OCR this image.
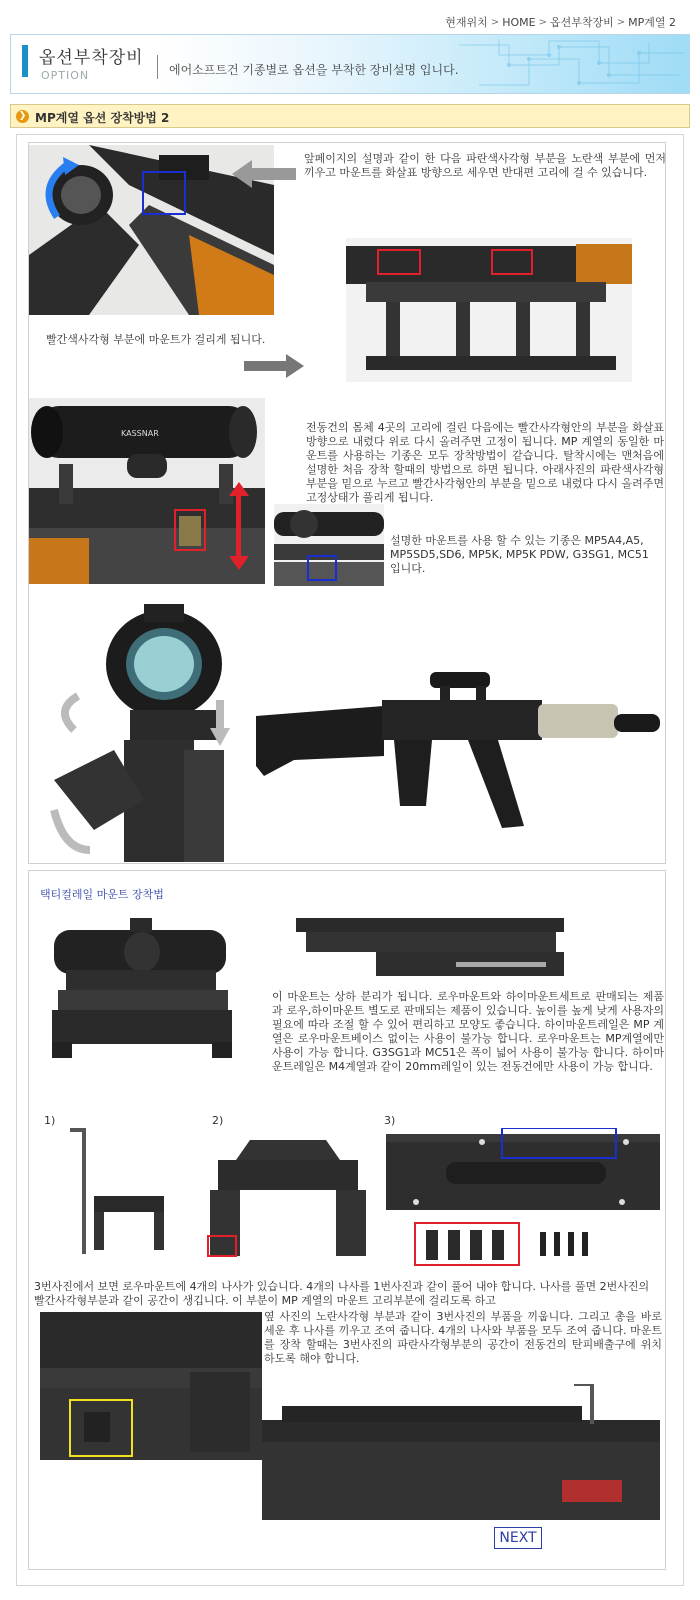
현재위치 > HOME > 옵션부착장비 > MP계열 2
옵션부착장비
OPTION	에어소프트건 기종별로 옵션을 부착한 장비설명 입니다.
❯ MP계열 옵션 장착방법 2
앞페이지의 설명과 같이 한 다음 파란색사각형 부분을 노란색 부분에 먼저 끼우고 마운트를 화살표 방향으로 세우면 반대편 고리에 걸 수 있습니다.
빨간색사각형 부분에 마운트가 걸리게 됩니다.
KASSNAR	전동건의 몸체 4곳의 고리에 걸린 다음에는 빨간사각형안의 부분을 화살표방향으로 내렸다 위로 다시 올려주면 고정이 됩니다. MP 계열의 동일한 마운트를 사용하는 기종은 모두 장착방법이 같습니다. 탈착시에는 맨처음에 설명한 처음 장착 할때의 방법으로 하면 됩니다. 아래사진의 파란색사각형 부분을 밑으로 누르고 빨간사각형안의 부분을 밑으로 내렸다 다시 올려주면 고정상태가 풀리게 됩니다.
설명한 마운트를 사용 할 수 있는 기종은 MP5A4,A5, MP5SD5,SD6, MP5K, MP5K PDW, G3SG1, MC51 입니다.
택티컬레일 마운트 장착법
이 마운트는 상하 분리가 됩니다. 로우마운트와 하이마운트세트로 판매되는 제품과 로우,하이마운트 별도로 판매되는 제품이 있습니다. 높이를 높게 낮게 사용자의 필요에 따라 조절 할 수 있어 편리하고 모양도 좋습니다. 하이마운트레일은 MP 계열은 로우마운트베이스 없이는 사용이 불가능 합니다. 로우마운트는 MP계열에만 사용이 가능 합니다. G3SG1과 MC51은 폭이 넓어 사용이 불가능 합니다. 하이마운트레일은 M4계열과 같이 20mm레일이 있는 전동건에만 사용이 가능 합니다.
1)	2)	3)
3번사진에서 보면 로우마운트에 4개의 나사가 있습니다. 4개의 나사를 1번사진과 같이 풀어 내야 합니다. 나사를 풀면 2번사진의 빨간사각형부분과 같이 공간이 생깁니다. 이 부분이 MP 계열의 마운트 고리부분에 걸리도록 하고
옆 사진의 노란사각형 부분과 같이 3번사진의 부품을 끼웁니다. 그리고 총을 바로 세운 후 나사를 끼우고 조여 줍니다. 4개의 나사와 부품을 모두 조여 줍니다. 마운트를 장착 할때는 3번사진의 파란사각형부분의 공간이 전동건의 탄피배출구에 위치 하도록 해야 합니다.
NEXT
